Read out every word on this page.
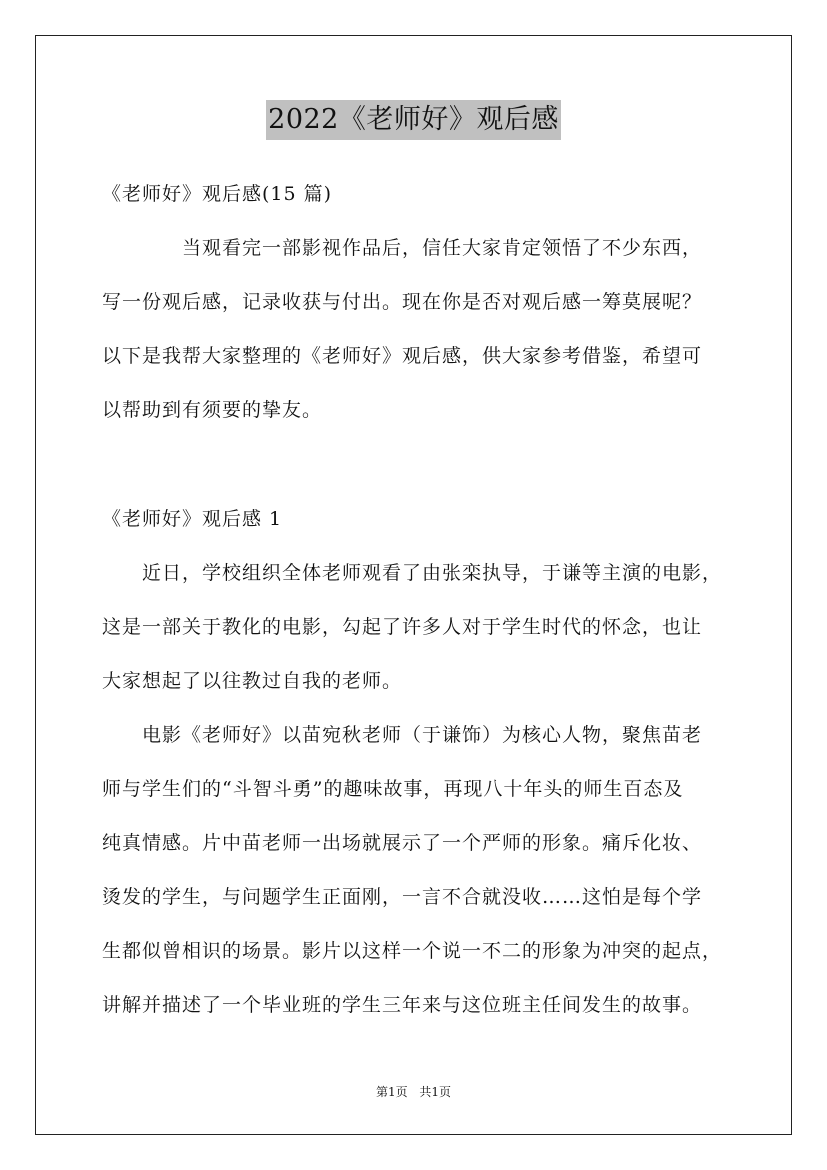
2022《老师好》观后感
《老师好》观后感(15 篇)
当观看完一部影视作品后，信任大家肯定领悟了不少东西，
写一份观后感，记录收获与付出。现在你是否对观后感一筹莫展呢？
以下是我帮大家整理的《老师好》观后感，供大家参考借鉴，希望可
以帮助到有须要的挚友。
《老师好》观后感 1
近日，学校组织全体老师观看了由张栾执导，于谦等主演的电影，
这是一部关于教化的电影，勾起了许多人对于学生时代的怀念，也让
大家想起了以往教过自我的老师。
电影《老师好》以苗宛秋老师（于谦饰）为核心人物，聚焦苗老
师与学生们的“斗智斗勇”的趣味故事，再现八十年头的师生百态及
纯真情感。片中苗老师一出场就展示了一个严师的形象。痛斥化妆、
烫发的学生，与问题学生正面刚，一言不合就没收……这怕是每个学
生都似曾相识的场景。影片以这样一个说一不二的形象为冲突的起点，
讲解并描述了一个毕业班的学生三年来与这位班主任间发生的故事。
第1页 共1页
